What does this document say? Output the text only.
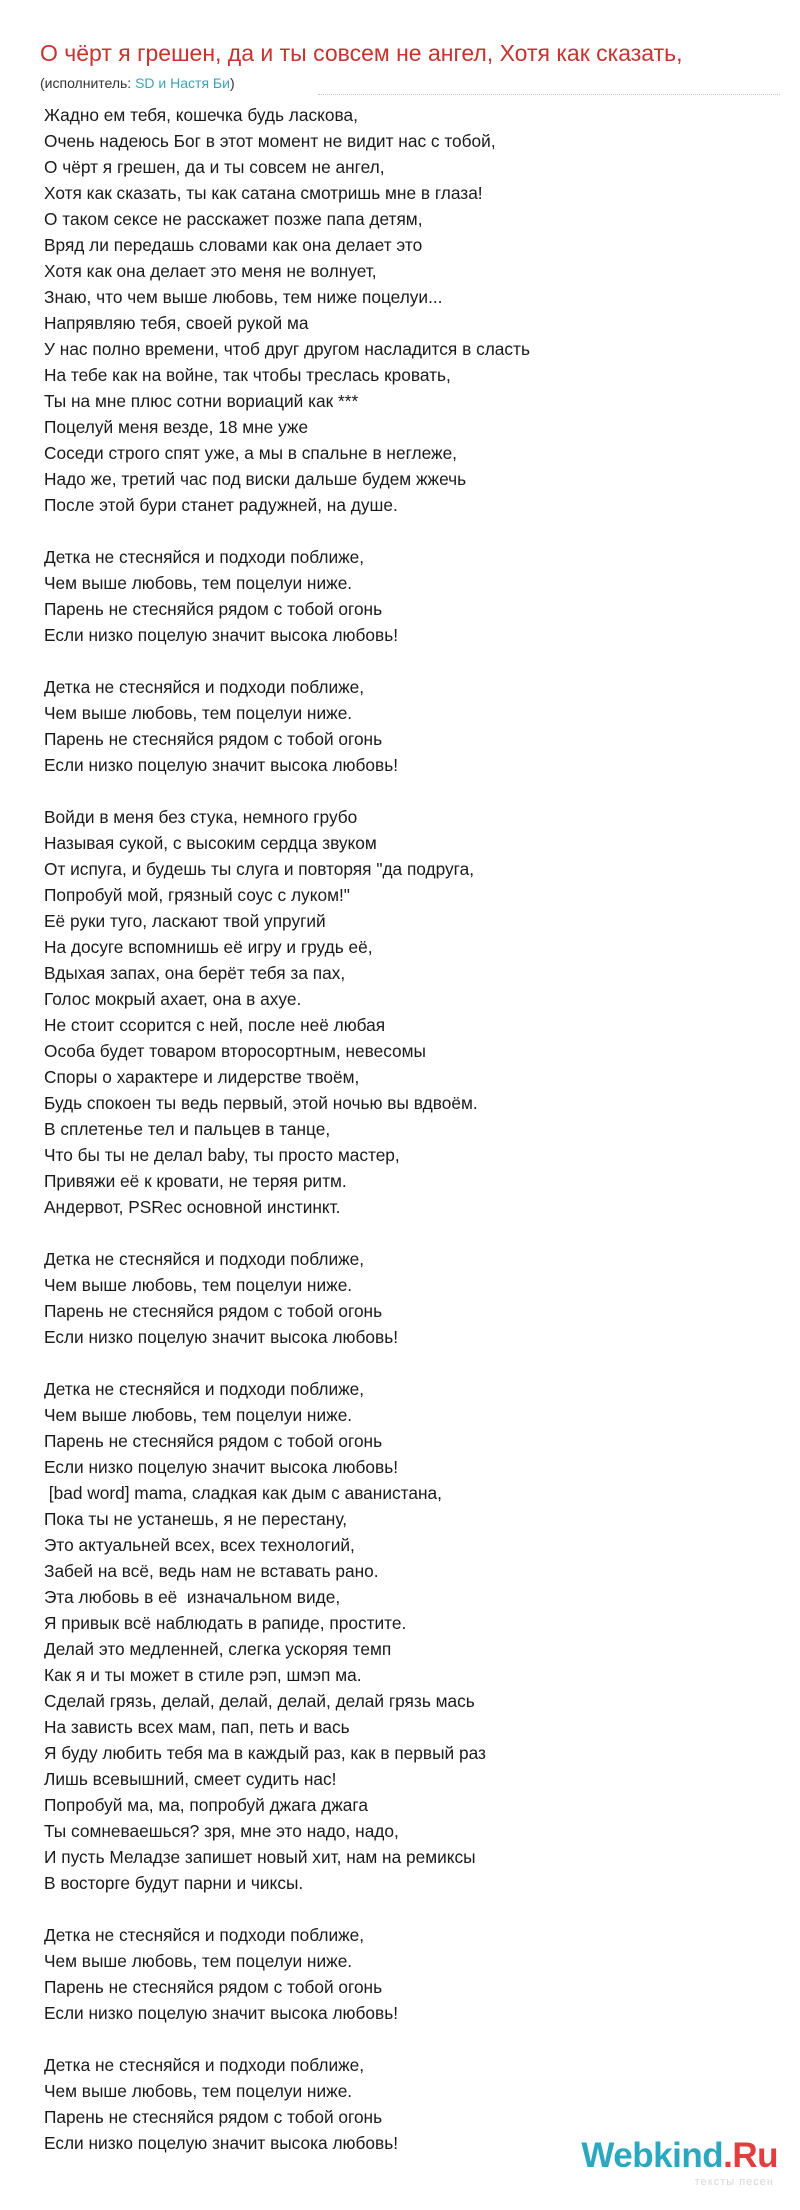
О чёрт я грешен, да и ты совсем не ангел, Хотя как сказать,
(исполнитель: SD и Настя Би)
Жадно ем тебя, кошечка будь ласкова,
Очень надеюсь Бог в этот момент не видит нас с тобой,
О чёрт я грешен, да и ты совсем не ангел,
Хотя как сказать, ты как сатана смотришь мне в глаза!
О таком сексе не расскажет позже папа детям,
Вряд ли передашь словами как она делает это
Хотя как она делает это меня не волнует,
Знаю, что чем выше любовь, тем ниже поцелуи...
Напрявляю тебя, своей рукой ма
У нас полно времени, чтоб друг другом насладится в сласть
На тебе как на войне, так чтобы треслась кровать,
Ты на мне плюс сотни вориаций как ***
Поцелуй меня везде, 18 мне уже
Соседи строго спят уже, а мы в спальне в неглеже,
Надо же, третий час под виски дальше будем жжечь
После этой бури станет радужней, на душе.
Детка не стесняйся и подходи поближе,
Чем выше любовь, тем поцелуи ниже.
Парень не стесняйся рядом с тобой огонь
Если низко поцелую значит высока любовь!
Детка не стесняйся и подходи поближе,
Чем выше любовь, тем поцелуи ниже.
Парень не стесняйся рядом с тобой огонь
Если низко поцелую значит высока любовь!
Войди в меня без стука, немного грубо
Называя сукой, с высоким сердца звуком
От испуга, и будешь ты слуга и повторяя "да подруга,
Попробуй мой, грязный соус с луком!"
Её руки туго, ласкают твой упругий
На досуге вспомнишь её игру и грудь её,
Вдыхая запах, она берёт тебя за пах,
Голос мокрый ахает, она в ахуе.
Не стоит ссорится с ней, после неё любая
Особа будет товаром второсортным, невесомы
Споры о характере и лидерстве твоём,
Будь спокоен ты ведь первый, этой ночью вы вдвоём.
В сплетенье тел и пальцев в танце,
Что бы ты не делал baby, ты просто мастер,
Привяжи её к кровати, не теряя ритм.
Андервот, PSRec основной инстинкт.
Детка не стесняйся и подходи поближе,
Чем выше любовь, тем поцелуи ниже.
Парень не стесняйся рядом с тобой огонь
Если низко поцелую значит высока любовь!
Детка не стесняйся и подходи поближе,
Чем выше любовь, тем поцелуи ниже.
Парень не стесняйся рядом с тобой огонь
Если низко поцелую значит высока любовь!
[bad word] mama, сладкая как дым с аванистана,
Пока ты не устанешь, я не перестану,
Это актуальней всех, всех технологий,
Забей на всё, ведь нам не вставать рано.
Эта любовь в её  изначальном виде,
Я привык всё наблюдать в рапиде, простите.
Делай это медленней, слегка ускоряя темп
Как я и ты может в стиле рэп, шмэп ма.
Сделай грязь, делай, делай, делай, делай грязь мась
На зависть всех мам, пап, петь и вась
Я буду любить тебя ма в каждый раз, как в первый раз
Лишь всевышний, смеет судить нас!
Попробуй ма, ма, попробуй джага джага
Ты сомневаешься? зря, мне это надо, надо,
И пусть Меладзе запишет новый хит, нам на ремиксы
В восторге будут парни и чиксы.
Детка не стесняйся и подходи поближе,
Чем выше любовь, тем поцелуи ниже.
Парень не стесняйся рядом с тобой огонь
Если низко поцелую значит высока любовь!
Детка не стесняйся и подходи поближе,
Чем выше любовь, тем поцелуи ниже.
Парень не стесняйся рядом с тобой огонь
Если низко поцелую значит высока любовь!	Webkind.Ru
тексты песен
